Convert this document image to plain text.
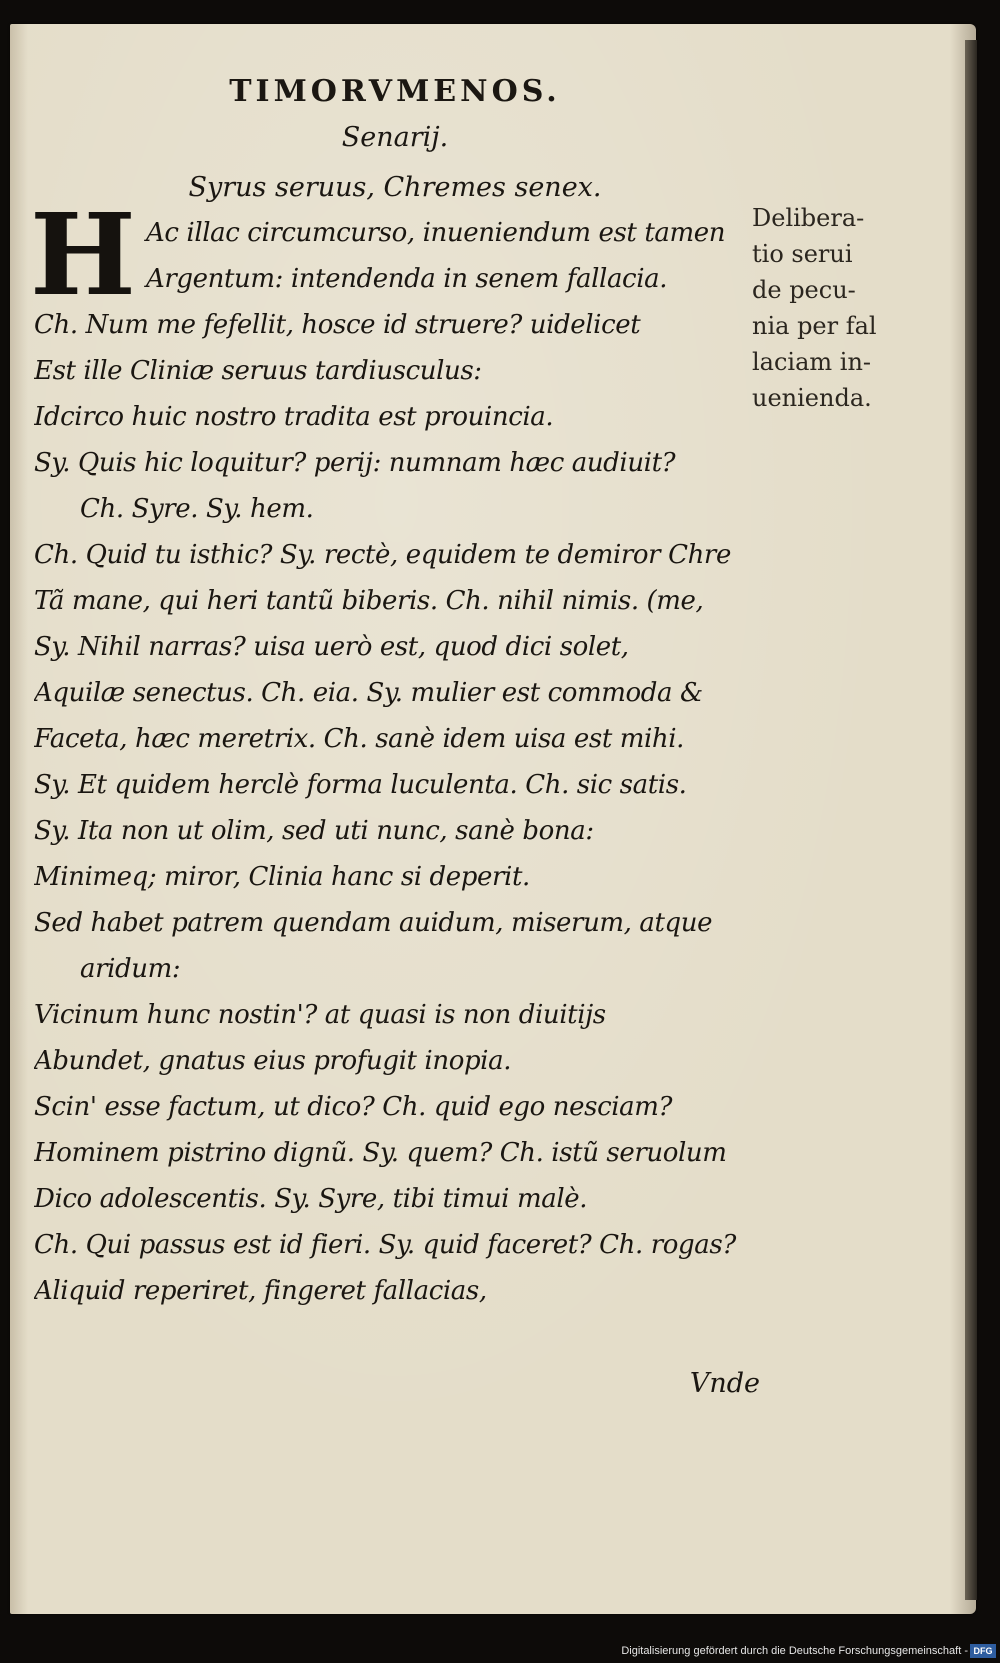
TIMORVMENOS.
Senarij.
Syrus seruus, Chremes senex.
H Ac illac circumcurso, inueniendum est tamen
Argentum: intendenda in senem fallacia.
Ch. Num me fefellit, hosce id struere? uidelicet
Est ille Cliniæ seruus tardiusculus:
Idcirco huic nostro tradita est prouincia.
Sy. Quis hic loquitur? perij: numnam hæc audiuit?
Ch. Syre. Sy. hem.
Ch. Quid tu isthic? Sy. rectè, equidem te demiror Chre
Tã mane, qui heri tantũ biberis. Ch. nihil nimis. (me,
Sy. Nihil narras? uisa uerò est, quod dici solet,
Aquilæ senectus. Ch. eia. Sy. mulier est commoda &
Faceta, hæc meretrix. Ch. sanè idem uisa est mihi.
Sy. Et quidem herclè forma luculenta. Ch. sic satis.
Sy. Ita non ut olim, sed uti nunc, sanè bona:
Minimeq; miror, Clinia hanc si deperit.
Sed habet patrem quendam auidum, miserum, atque
aridum:
Vicinum hunc nostin'? at quasi is non diuitijs
Abundet, gnatus eius profugit inopia.
Scin' esse factum, ut dico? Ch. quid ego nesciam?
Hominem pistrino dignũ. Sy. quem? Ch. istũ seruolum
Dico adolescentis. Sy. Syre, tibi timui malè.
Ch. Qui passus est id fieri. Sy. quid faceret? Ch. rogas?
Aliquid reperiret, fingeret fallacias,
Delibera-
tio serui
de pecu-
nia per fal
laciam in-
uenienda.
Vnde
Digitalisierung gefördert durch die Deutsche Forschungsgemeinschaft - DFG
